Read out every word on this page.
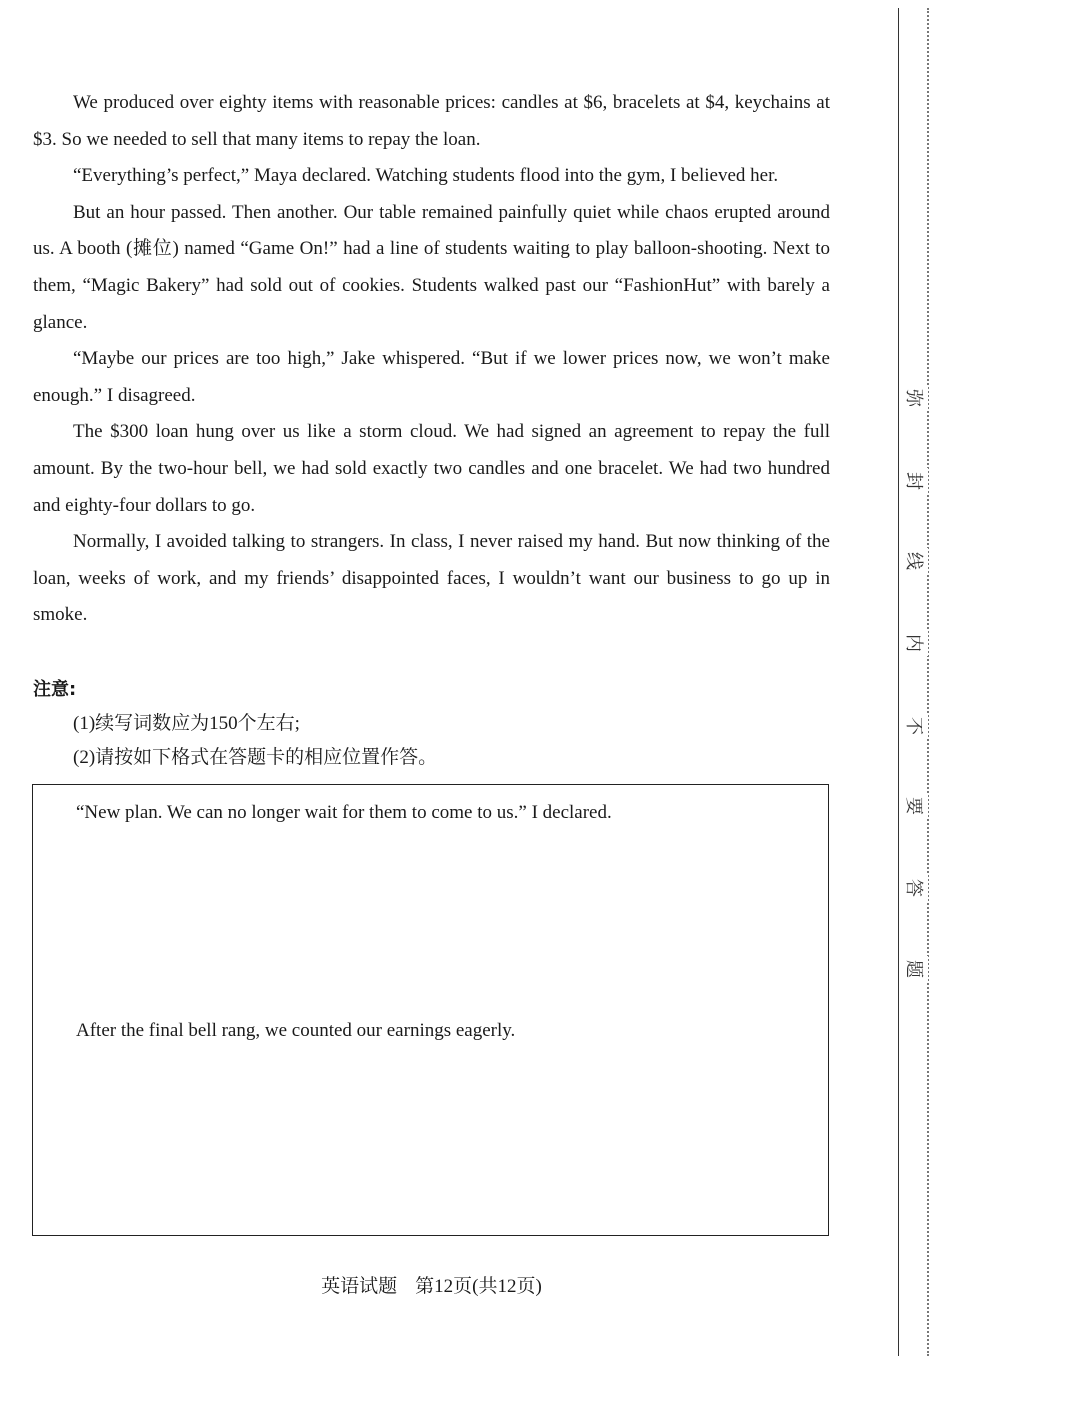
We produced over eighty items with reasonable prices: candles at $6, bracelets at $4, keychains at $3. So we needed to sell that many items to repay the loan.

“Everything’s perfect,” Maya declared. Watching students flood into the gym, I believed her.

But an hour passed. Then another. Our table remained painfully quiet while chaos erupted around us. A booth (摊位) named “Game On!” had a line of students waiting to play balloon-shooting. Next to them, “Magic Bakery” had sold out of cookies. Students walked past our “FashionHut” with barely a glance.

“Maybe our prices are too high,” Jake whispered. “But if we lower prices now, we won’t make enough.” I disagreed.

The $300 loan hung over us like a storm cloud. We had signed an agreement to repay the full amount. By the two-hour bell, we had sold exactly two candles and one bracelet. We had two hundred and eighty-four dollars to go.

Normally, I avoided talking to strangers. In class, I never raised my hand. But now thinking of the loan, weeks of work, and my friends’ disappointed faces, I wouldn’t want our business to go up in smoke.

注意:
(1)续写词数应为150个左右;
(2)请按如下格式在答题卡的相应位置作答。

“New plan. We can no longer wait for them to come to us.” I declared.

After the final bell rang, we counted our earnings eagerly.

英语试题 第12页(共12页)
弥
封
线
内
不
要
答
题
